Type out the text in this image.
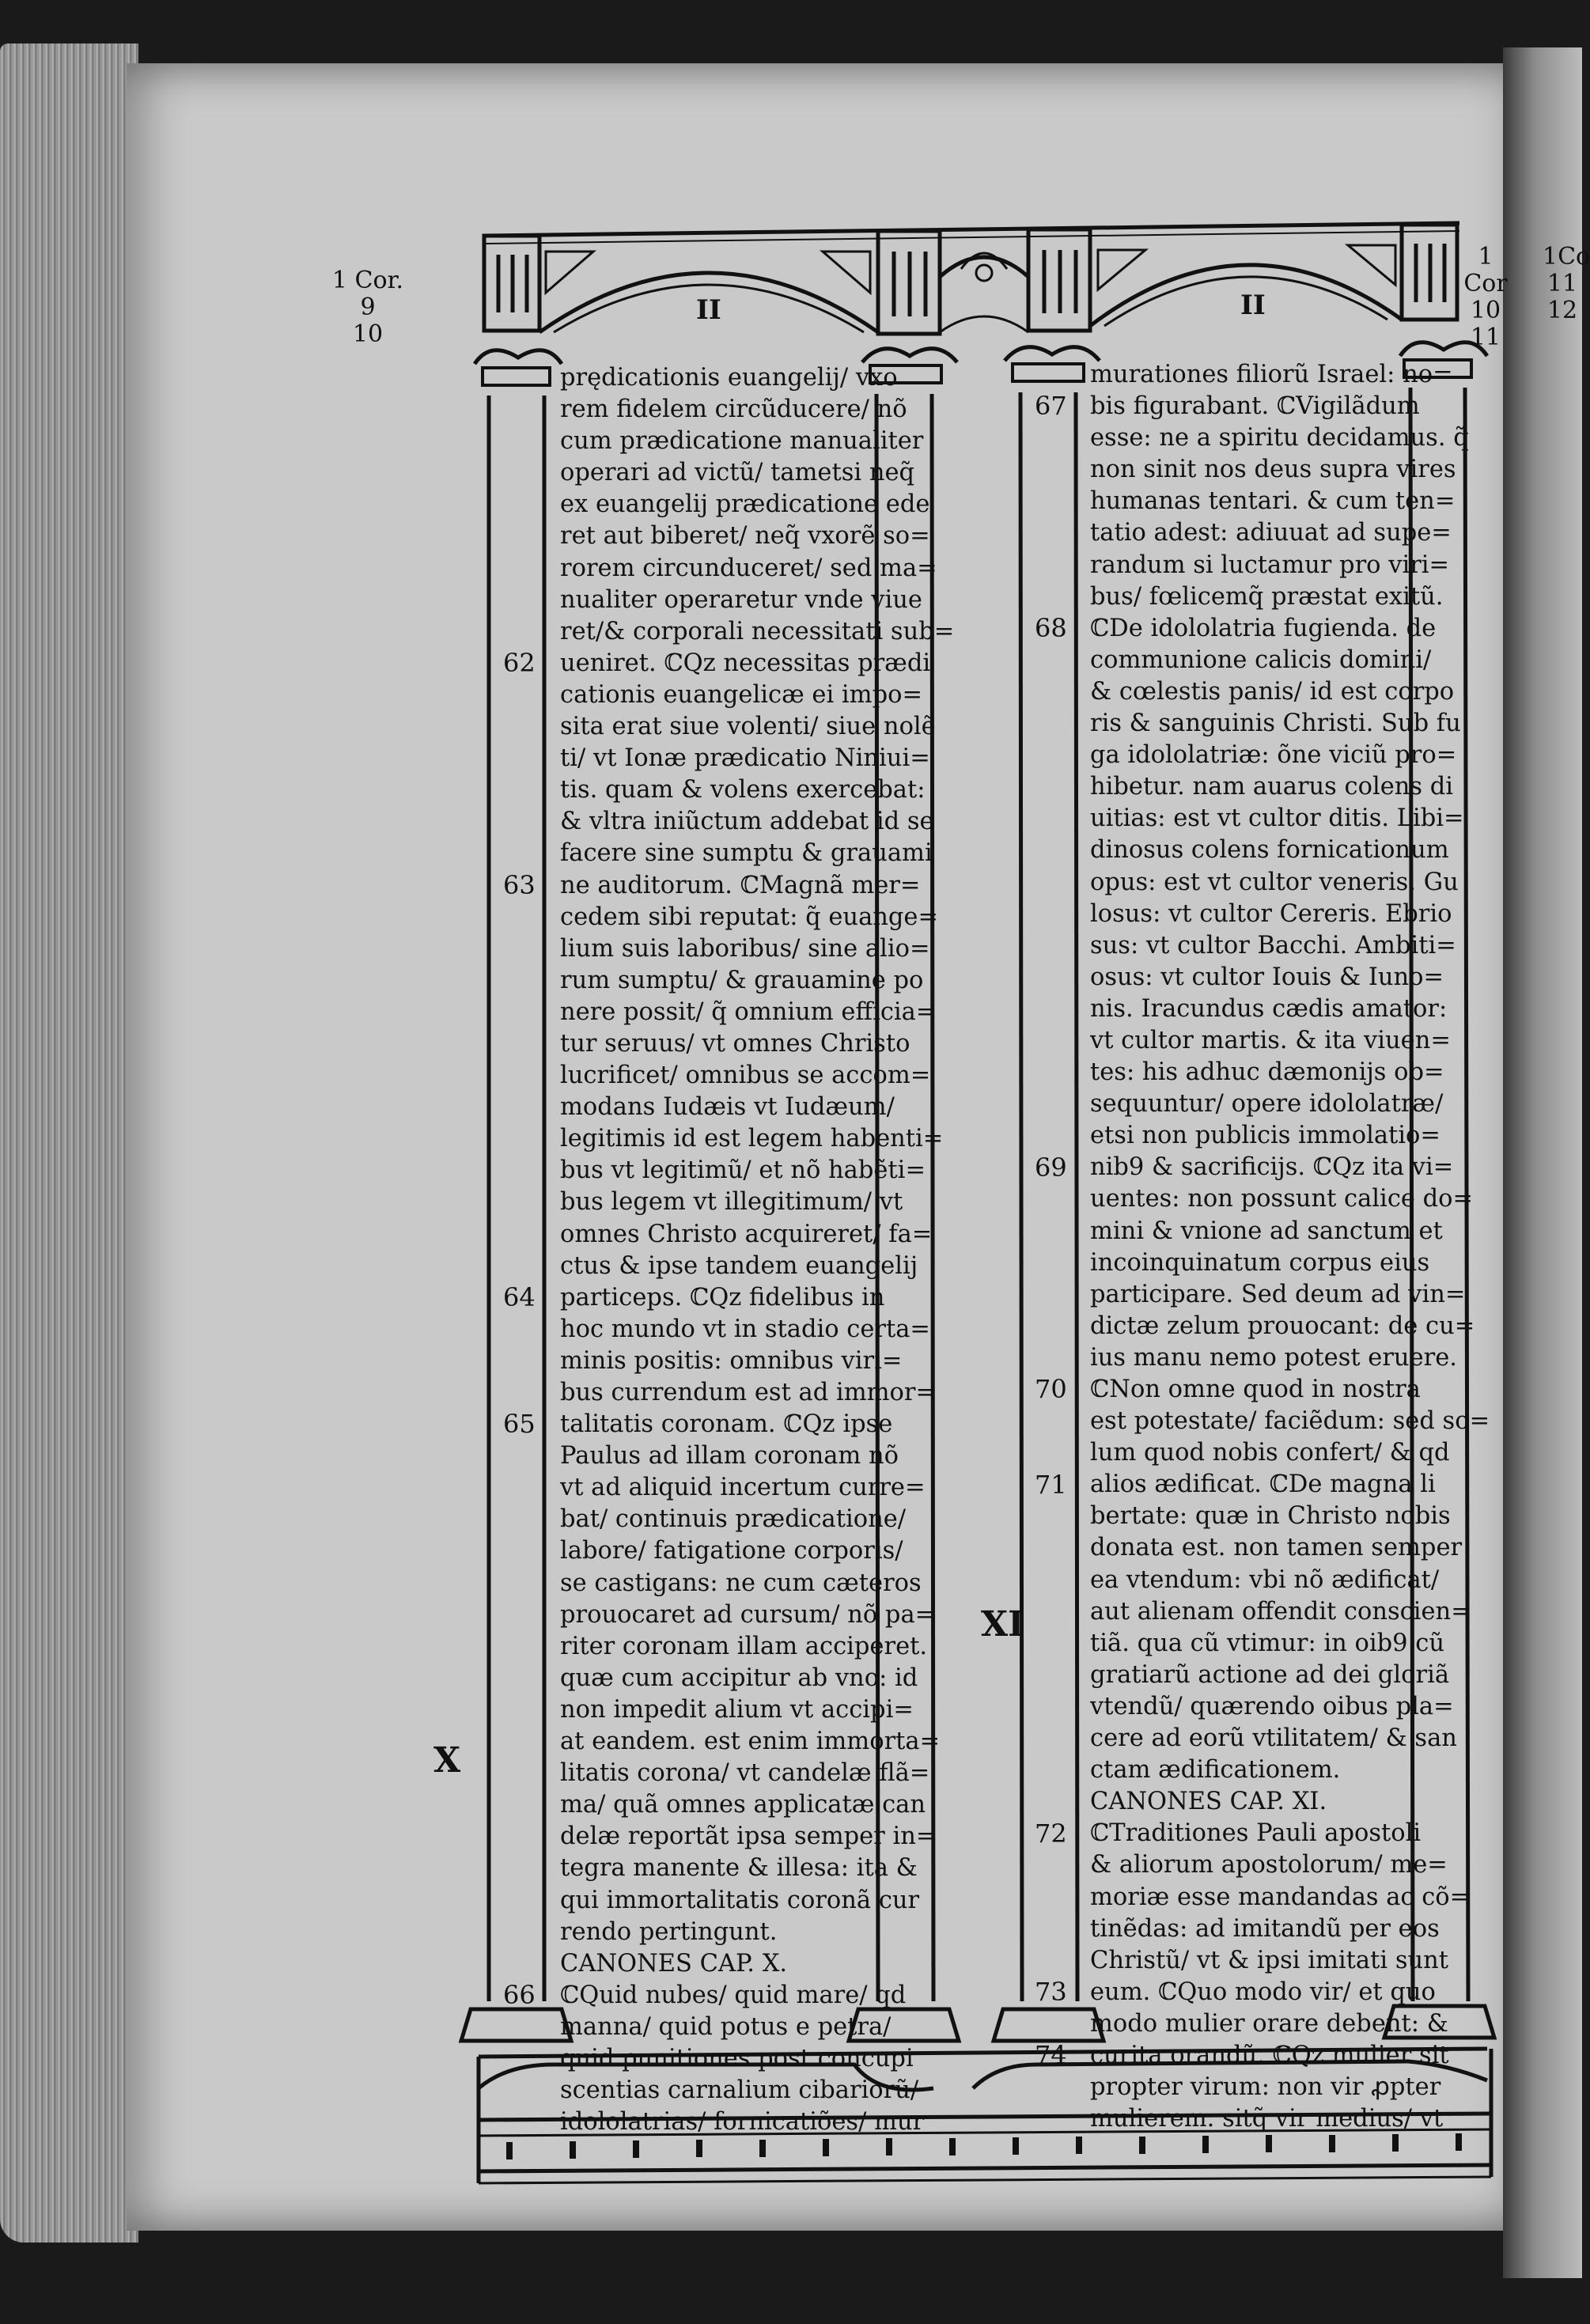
1 Cor.
9
10
1 Cor
10
11
1Co
11
12
II	II
X
XI
prędicationis euangelij/ vxo
rem fidelem circũducere/ nõ
cum prædicatione manualiter
operari ad victũ/ tametsi neq̃
ex euangelij prædicatione ede
ret aut biberet/ neq̃ vxorẽ so=
rorem circunduceret/ sed ma=
nualiter operaretur vnde viue
ret/& corporali necessitati sub=
ueniret. ℂQz necessitas prædi
cationis euangelicæ ei impo=
sita erat siue volenti/ siue nolẽ
ti/ vt Ionæ prædicatio Niniui=
tis. quam & volens exercebat:
& vltra iniũctum addebat id se
facere sine sumptu & grauami
ne auditorum. ℂMagnã mer=
cedem sibi reputat: q̃ euange=
lium suis laboribus/ sine alio=
rum sumptu/ & grauamine po
nere possit/ q̃ omnium efficia=
tur seruus/ vt omnes Christo
lucrificet/ omnibus se accom=
modans Iudæis vt Iudæum/
legitimis id est legem habenti=
bus vt legitimũ/ et nõ habẽti=
bus legem vt illegitimum/ vt
omnes Christo acquireret/ fa=
ctus & ipse tandem euangelij
particeps. ℂQz fidelibus in
hoc mundo vt in stadio certa=
minis positis: omnibus viri=
bus currendum est ad immor=
talitatis coronam. ℂQz ipse
Paulus ad illam coronam nõ
vt ad aliquid incertum curre=
bat/ continuis prædicatione/
labore/ fatigatione corporis/
se castigans: ne cum cæteros
prouocaret ad cursum/ nõ pa=
riter coronam illam acciperet.
quæ cum accipitur ab vno: id
non impedit alium vt accipi=
at eandem. est enim immorta=
litatis corona/ vt candelæ flã=
ma/ quã omnes applicatæ can
delæ reportãt ipsa semper in=
tegra manente & illesa: ita &
qui immortalitatis coronã cur
rendo pertingunt.
CANONES CAP. X.
ℂQuid nubes/ quid mare/ qd
manna/ quid potus e petra/
quid punitiones post concupi
scentias carnalium cibariorũ/
idololatrias/ fornicatiões/ mur
murationes filiorũ Israel: no=
bis figurabant. ℂVigilãdum
esse: ne a spiritu decidamus. q̃
non sinit nos deus supra vires
humanas tentari. & cum ten=
tatio adest: adiuuat ad supe=
randum si luctamur pro viri=
bus/ fœlicemq̃ præstat exitũ.
ℂDe idololatria fugienda. de
communione calicis domini/
& cœlestis panis/ id est corpo
ris & sanguinis Christi. Sub fu
ga idololatriæ: õne viciũ pro=
hibetur. nam auarus colens di
uitias: est vt cultor ditis. Libi=
dinosus colens fornicationum
opus: est vt cultor veneris. Gu
losus: vt cultor Cereris. Ebrio
sus: vt cultor Bacchi. Ambiti=
osus: vt cultor Iouis & Iuno=
nis. Iracundus cædis amator:
vt cultor martis. & ita viuen=
tes: his adhuc dæmonijs ob=
sequuntur/ opere idololatræ/
etsi non publicis immolatio=
nib9 & sacrificijs. ℂQz ita vi=
uentes: non possunt calice do=
mini & vnione ad sanctum et
incoinquinatum corpus eius
participare. Sed deum ad vin=
dictæ zelum prouocant: de cu=
ius manu nemo potest eruere.
ℂNon omne quod in nostra
est potestate/ faciẽdum: sed so=
lum quod nobis confert/ & qd
alios ædificat. ℂDe magna li
bertate: quæ in Christo nobis
donata est. non tamen semper
ea vtendum: vbi nõ ædificat/
aut alienam offendit conscien=
tiã. qua cũ vtimur: in oib9 cũ
gratiarũ actione ad dei gloriã
vtendũ/ quærendo oibus pla=
cere ad eorũ vtilitatem/ & san
ctam ædificationem.
CANONES CAP. XI.
ℂTraditiones Pauli apostoli
& aliorum apostolorum/ me=
moriæ esse mandandas ac cõ=
tinẽdas: ad imitandũ per eos
Christũ/ vt & ipsi imitati sunt
eum. ℂQuo modo vir/ et quo
modo mulier orare debent: &
curita orandũ. ℂQz mulier sit
propter virum: non vir ꝓpter
mulierem. sitq̃ vir medius/ vt
62
63
64
65
66
67
68
69
70
71
72
73
74
